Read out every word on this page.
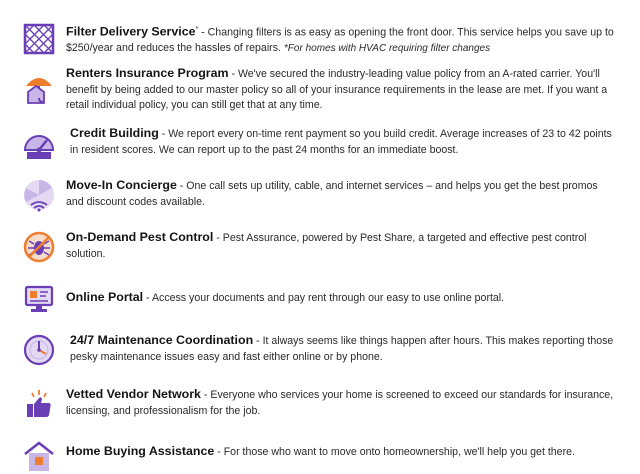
Filter Delivery Service* - Changing filters is as easy as opening the front door. This service helps you save up to $250/year and reduces the hassles of repairs. *For homes with HVAC requiring filter changes
Renters Insurance Program - We've secured the industry-leading value policy from an A-rated carrier. You'll benefit by being added to our master policy so all of your insurance requirements in the lease are met. If you want a retail individual policy, you can still get that at any time.
Credit Building - We report every on-time rent payment so you build credit. Average increases of 23 to 42 points in resident scores. We can report up to the past 24 months for an immediate boost.
Move-In Concierge - One call sets up utility, cable, and internet services – and helps you get the best promos and discount codes available.
On-Demand Pest Control - Pest Assurance, powered by Pest Share, a targeted and effective pest control solution.
Online Portal - Access your documents and pay rent through our easy to use online portal.
24/7 Maintenance Coordination - It always seems like things happen after hours. This makes reporting those pesky maintenance issues easy and fast either online or by phone.
Vetted Vendor Network - Everyone who services your home is screened to exceed our standards for insurance, licensing, and professionalism for the job.
Home Buying Assistance - For those who want to move onto homeownership, we'll help you get there.
